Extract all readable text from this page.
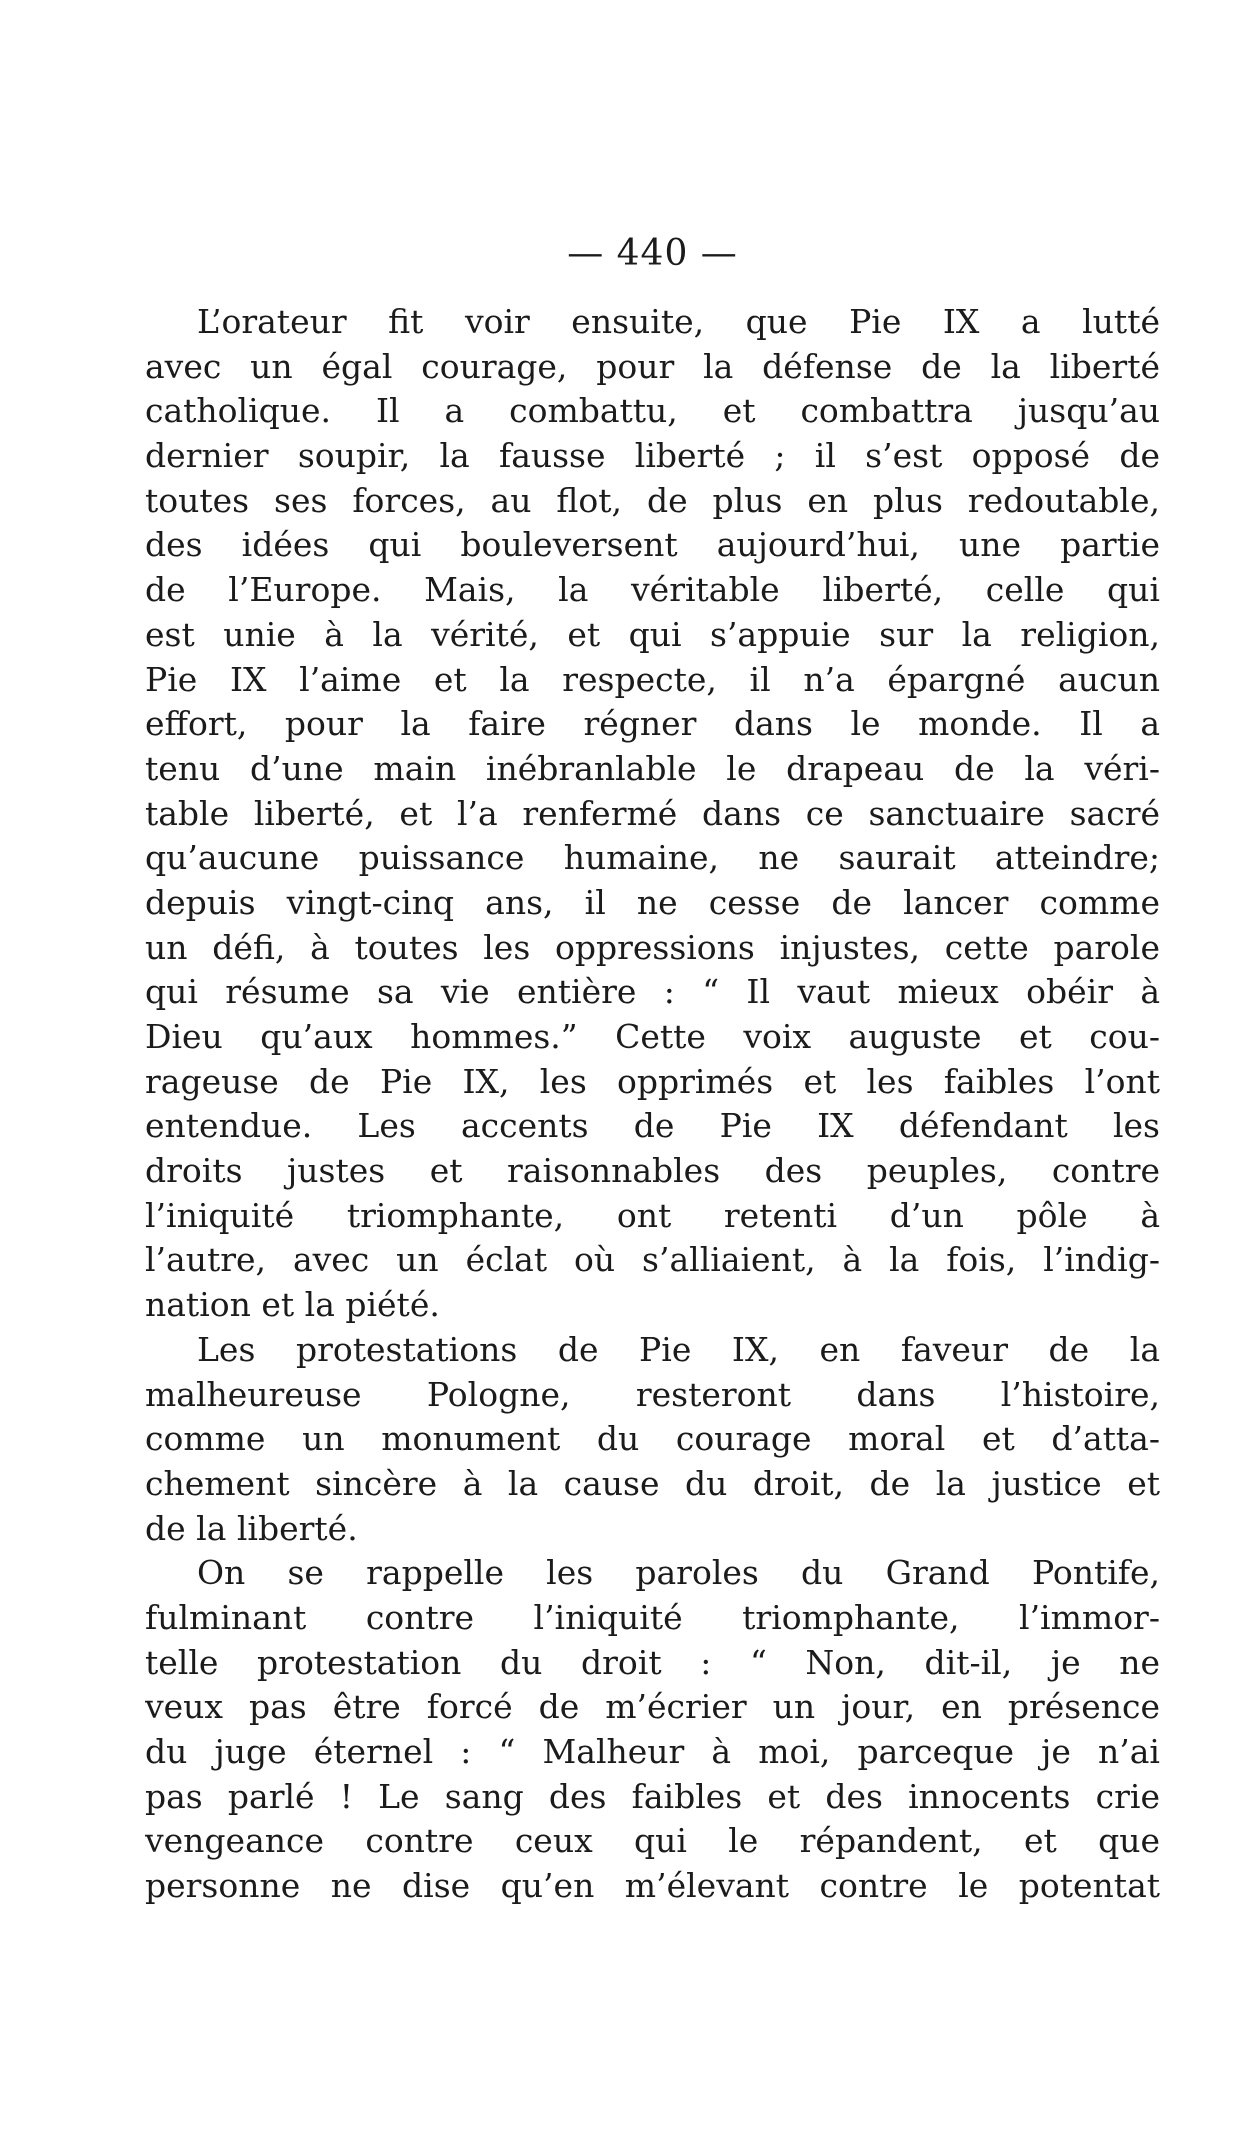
— 440 —
L’orateur fit voir ensuite, que Pie IX a lutté
avec un égal courage, pour la défense de la liberté
catholique. Il a combattu, et combattra jusqu’au
dernier soupir, la fausse liberté ; il s’est opposé de
toutes ses forces, au flot, de plus en plus redoutable,
des idées qui bouleversent aujourd’hui, une partie
de l’Europe. Mais, la véritable liberté, celle qui
est unie à la vérité, et qui s’appuie sur la religion,
Pie IX l’aime et la respecte, il n’a épargné aucun
effort, pour la faire régner dans le monde. Il a
tenu d’une main inébranlable le drapeau de la véri-
table liberté, et l’a renfermé dans ce sanctuaire sacré
qu’aucune puissance humaine, ne saurait atteindre;
depuis vingt-cinq ans, il ne cesse de lancer comme
un défi, à toutes les oppressions injustes, cette parole
qui résume sa vie entière : “ Il vaut mieux obéir à
Dieu qu’aux hommes.” Cette voix auguste et cou-
rageuse de Pie IX, les opprimés et les faibles l’ont
entendue. Les accents de Pie IX défendant les
droits justes et raisonnables des peuples, contre
l’iniquité triomphante, ont retenti d’un pôle à
l’autre, avec un éclat où s’alliaient, à la fois, l’indig-
nation et la piété.
Les protestations de Pie IX, en faveur de la
malheureuse Pologne, resteront dans l’histoire,
comme un monument du courage moral et d’atta-
chement sincère à la cause du droit, de la justice et
de la liberté.
On se rappelle les paroles du Grand Pontife,
fulminant contre l’iniquité triomphante, l’immor-
telle protestation du droit : “ Non, dit-il, je ne
veux pas être forcé de m’écrier un jour, en présence
du juge éternel : “ Malheur à moi, parceque je n’ai
pas parlé ! Le sang des faibles et des innocents crie
vengeance contre ceux qui le répandent, et que
personne ne dise qu’en m’élevant contre le potentat
